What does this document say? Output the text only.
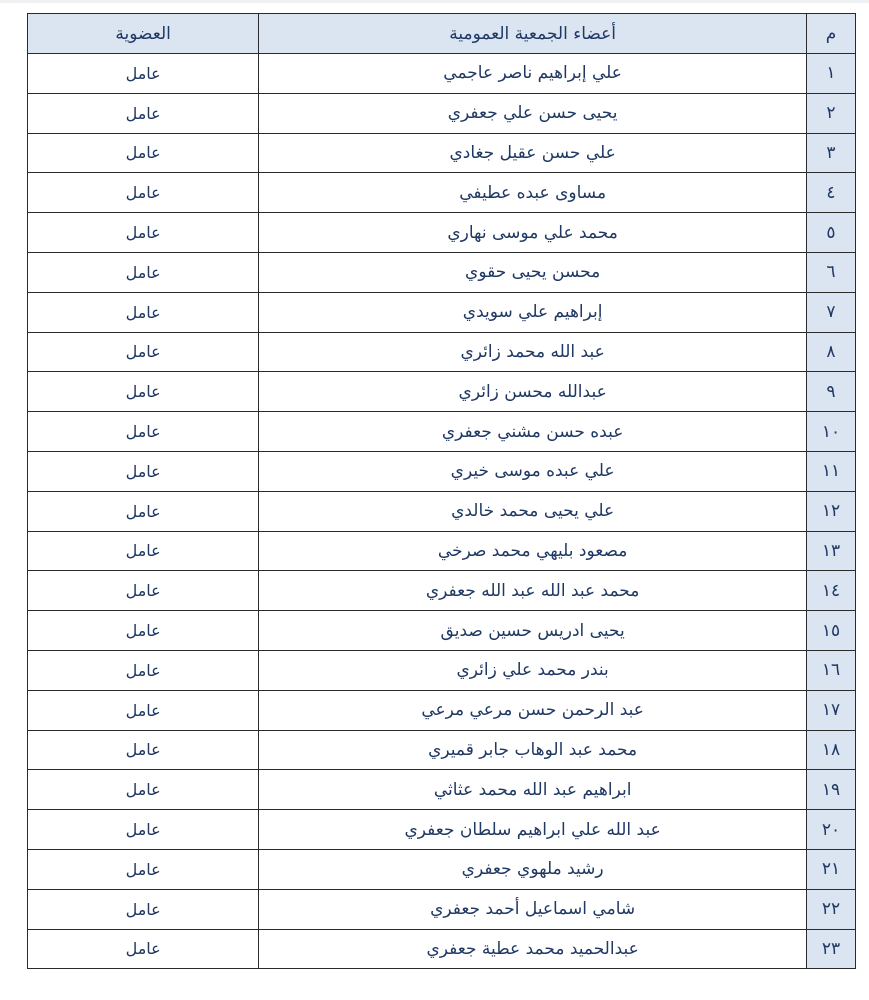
م	أعضاء الجمعية العمومية	العضوية
١	علي إبراهيم ناصر عاجمي	عامل
٢	يحيى حسن علي جعفري	عامل
٣	علي حسن عقيل جغادي	عامل
٤	مساوى عبده عطيفي	عامل
٥	محمد علي موسى نهاري	عامل
٦	محسن يحيى حقوي	عامل
٧	إبراهيم علي سويدي	عامل
٨	عبد الله محمد زائري	عامل
٩	عبدالله محسن زائري	عامل
١٠	عبده حسن مشني جعفري	عامل
١١	علي عبده موسى خيري	عامل
١٢	علي يحيى محمد خالدي	عامل
١٣	مصعود بليهي محمد صرخي	عامل
١٤	محمد عبد الله عبد الله جعفري	عامل
١٥	يحيى ادريس حسين صديق	عامل
١٦	بندر محمد علي زائري	عامل
١٧	عبد الرحمن حسن مرعي مرعي	عامل
١٨	محمد عبد الوهاب جابر قميري	عامل
١٩	ابراهيم عبد الله محمد عثاثي	عامل
٢٠	عبد الله علي ابراهيم سلطان جعفري	عامل
٢١	رشيد ملهوي جعفري	عامل
٢٢	شامي اسماعيل أحمد جعفري	عامل
٢٣	عبدالحميد محمد عطية جعفري	عامل
